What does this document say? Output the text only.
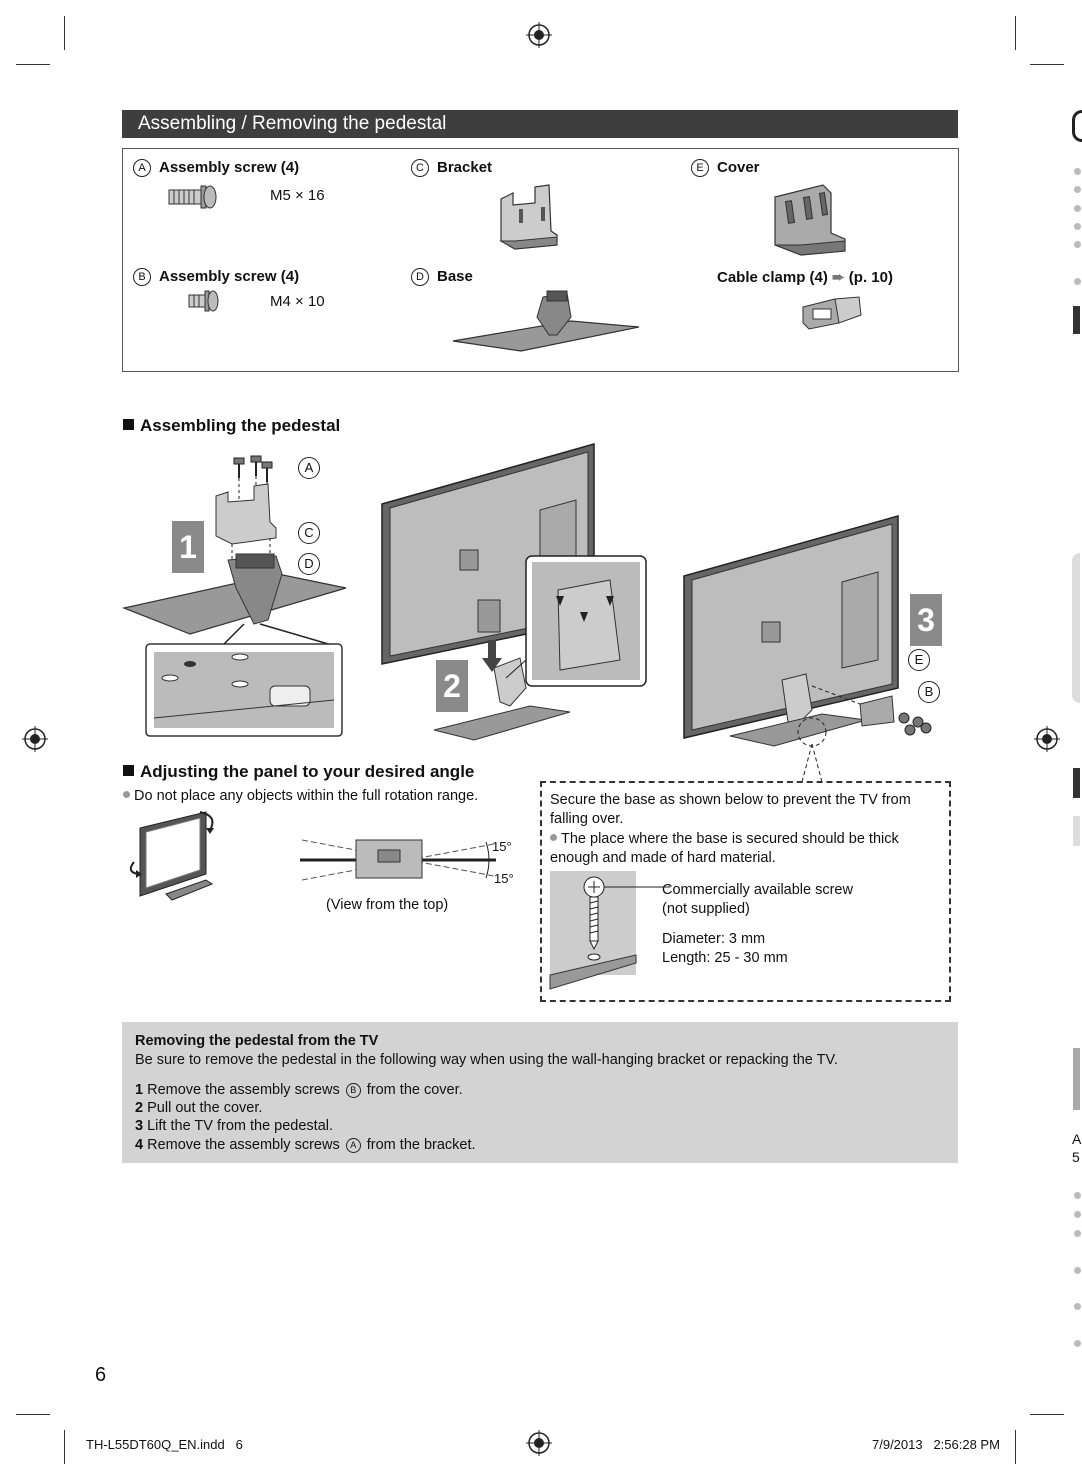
Assembling / Removing the pedestal
A Assembly screw (4)
M5 × 16
C Bracket	E Cover
B Assembly screw (4)
M4 × 10
D Base	Cable clamp (4) ➨ (p. 10)
Assembling the pedestal
1
A
C
D
2
3
E
B
Adjusting the panel to your desired angle
Do not place any objects within the full rotation range.
15°
15°
(View from the top)
Secure the base as shown below to prevent the TV from falling over.
The place where the base is secured should be thick enough and made of hard material.
Commercially available screw
(not supplied)
Diameter: 3 mm
Length: 25 - 30 mm
Removing the pedestal from the TV
Be sure to remove the pedestal in the following way when using the wall-hanging bracket or repacking the TV.
1 Remove the assembly screws B from the cover.
2 Pull out the cover.
3 Lift the TV from the pedestal.
4 Remove the assembly screws A from the bracket.
6
TH-L55DT60Q_EN.indd   6	7/9/2013   2:56:28 PM
A
5
